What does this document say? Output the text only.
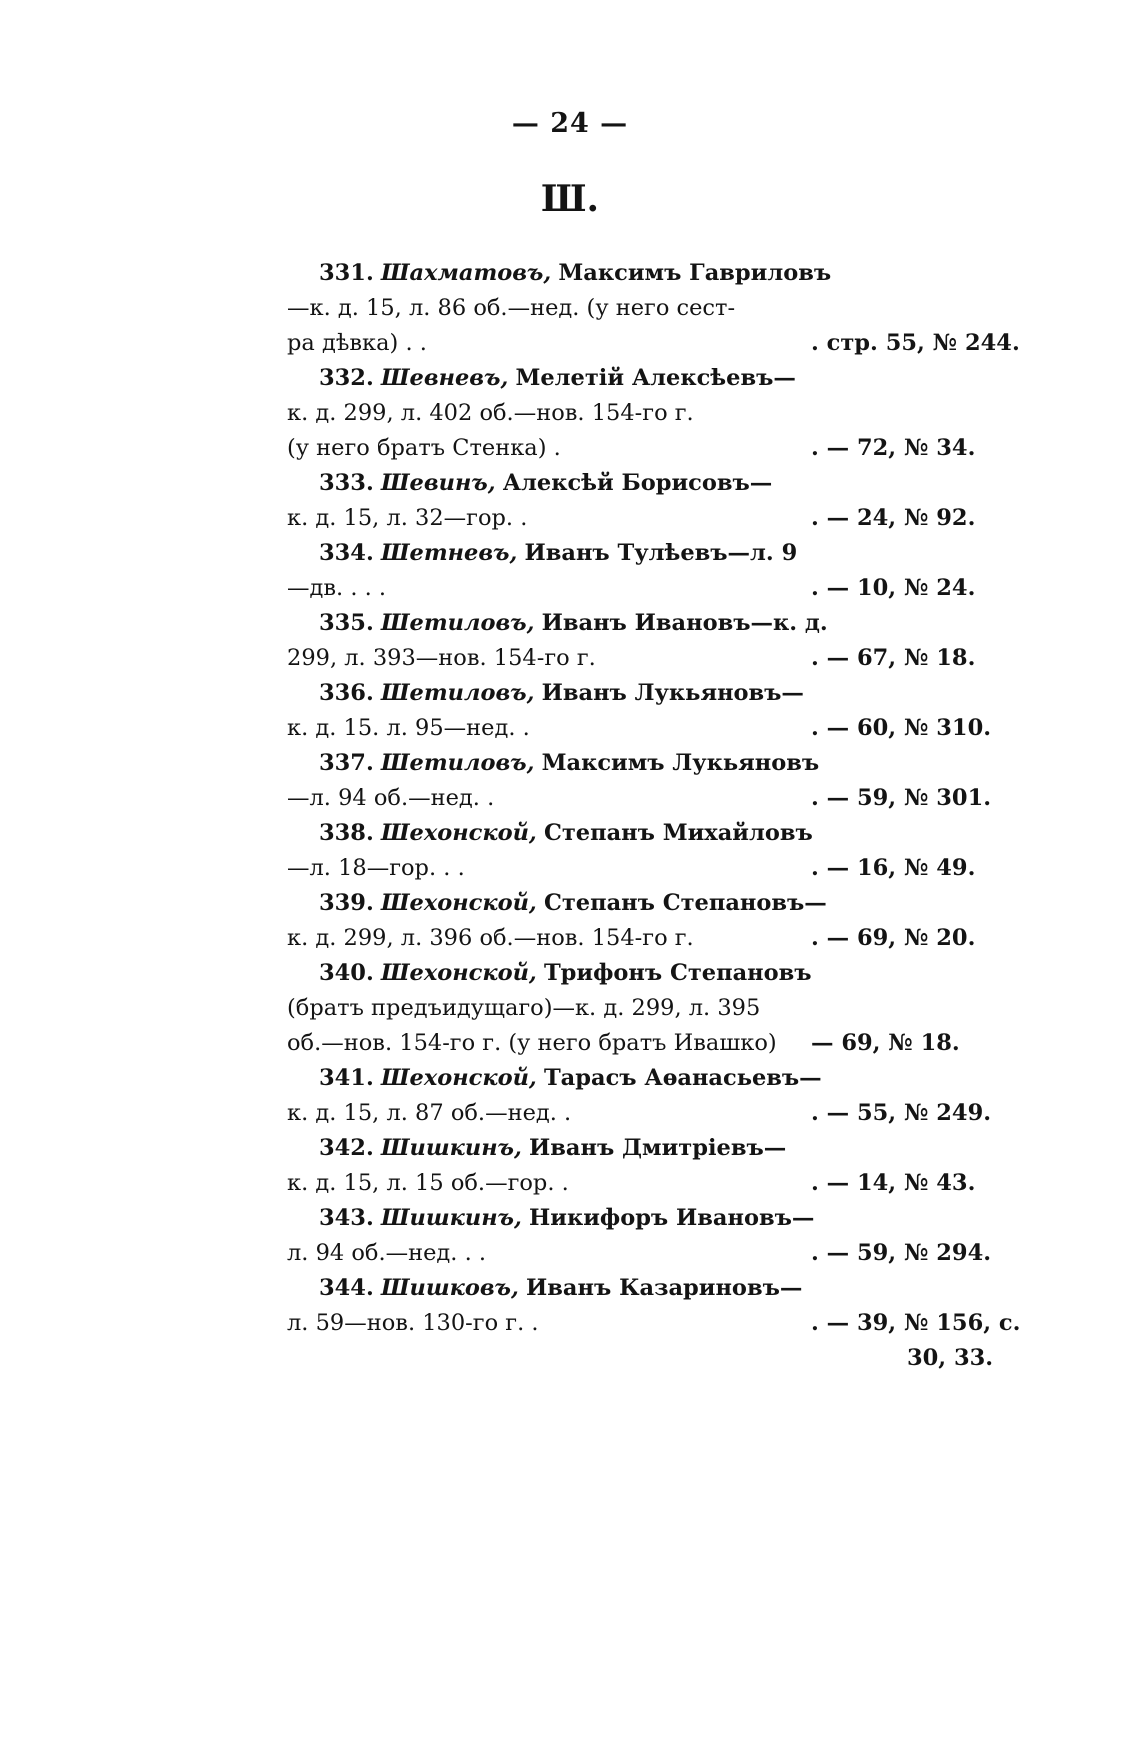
— 24 —
Ш.
331. Шахматовъ, Максимъ Гавриловъ
—к. д. 15, л. 86 об.—нед. (у него сест-
ра дѣвка) . .	. стр. 55, № 244.
332. Шевневъ, Мелетій Алексѣевъ—
к. д. 299, л. 402 об.—нов. 154-го г.
(у него братъ Стенка) .	. — 72, № 34.
333. Шевинъ, Алексѣй Борисовъ—
к. д. 15, л. 32—гор. .	. — 24, № 92.
334. Шетневъ, Иванъ Тулѣевъ—л. 9
—дв. . . .	. — 10, № 24.
335. Шетиловъ, Иванъ Ивановъ—к. д.
299, л. 393—нов. 154-го г.	. — 67, № 18.
336. Шетиловъ, Иванъ Лукьяновъ—
к. д. 15. л. 95—нед. .	. — 60, № 310.
337. Шетиловъ, Максимъ Лукьяновъ
—л. 94 об.—нед. .	. — 59, № 301.
338. Шехонской, Степанъ Михайловъ
—л. 18—гор. . .	. — 16, № 49.
339. Шехонской, Степанъ Степановъ—
к. д. 299, л. 396 об.—нов. 154-го г.	. — 69, № 20.
340. Шехонской, Трифонъ Степановъ
(братъ предъидущаго)—к. д. 299, л. 395
об.—нов. 154-го г. (у него братъ Ивашко) — 69, № 18.
341. Шехонской, Тарасъ Аѳанасьевъ—
к. д. 15, л. 87 об.—нед. .	. — 55, № 249.
342. Шишкинъ, Иванъ Дмитріевъ—
к. д. 15, л. 15 об.—гор. .	. — 14, № 43.
343. Шишкинъ, Никифоръ Ивановъ—
л. 94 об.—нед. . .	. — 59, № 294.
344. Шишковъ, Иванъ Казариновъ—
л. 59—нов. 130-го г. .	. — 39, № 156, с.
30, 33.
